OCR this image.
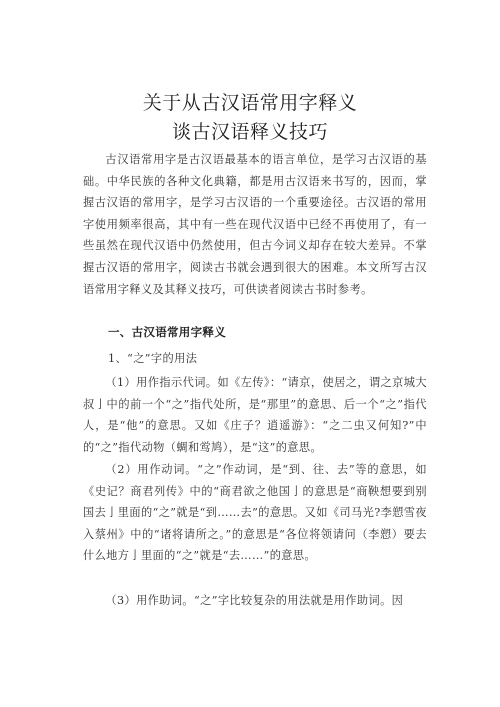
关于从古汉语常用字释义
谈古汉语释义技巧

古汉语常用字是古汉语最基本的语言单位，是学习古汉语的基础。中华民族的各种文化典籍，都是用古汉语来书写的，因而，掌握古汉语的常用字，是学习古汉语的一个重要途径。古汉语的常用字使用频率很高，其中有一些在现代汉语中已经不再使用了，有一些虽然在现代汉语中仍然使用，但古今词义却存在较大差异。不掌握古汉语的常用字，阅读古书就会遇到很大的困难。本文所写古汉语常用字释义及其释义技巧，可供读者阅读古书时参考。

一、古汉语常用字释义
1、“之”字的用法

（1）用作指示代词。如《左传》：“请京，使居之，谓之京城大叔亅中的前一个“之”指代处所，是“那里”的意思、后一个“之”指代人，是“他”的意思。又如《庄子？逍遥游》：“之二虫又何知?”中的“之”指代动物（蜩和鸴鸠），是“这”的意思。

（2）用作动词。“之”作动词，是“到、往、去”等的意思，如《史记？商君列传》中的“商君欲之他国亅的意思是“商鞅想要到别国去亅里面的“之”就是“到……去”的意思。又如《司马光?李愬雪夜入蔡州》中的“诸将请所之。”的意思是“各位将领请问（李愬）要去什么地方亅里面的“之”就是“去……”的意思。

（3）用作助词。“之”字比较复杂的用法就是用作助词。因
